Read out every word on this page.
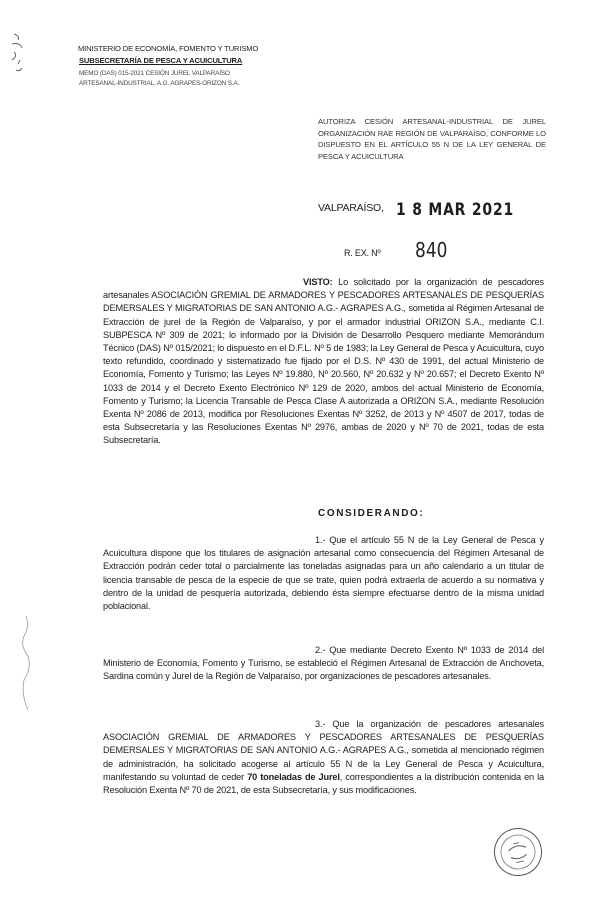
MINISTERIO DE ECONOMÍA, FOMENTO Y TURISMO
SUBSECRETARÍA DE PESCA Y ACUICULTURA
MEMO (DAS) 015-2021 CESIÓN JUREL VALPARAÍSO
ARTESANAL-INDUSTRIAL, A.G. AGRAPES-ORIZON S.A.
AUTORIZA CESIÓN ARTESANAL-INDUSTRIAL DE JUREL ORGANIZACIÓN RAE REGIÓN DE VALPARAÍSO, CONFORME LO DISPUESTO EN EL ARTÍCULO 55 N DE LA LEY GENERAL DE PESCA Y ACUICULTURA
VALPARAÍSO, 1 8 MAR 2021
R. EX. Nº 840
VISTO: Lo solicitado por la organización de pescadores artesanales ASOCIACIÓN GREMIAL DE ARMADORES Y PESCADORES ARTESANALES DE PESQUERÍAS DEMERSALES Y MIGRATORIAS DE SAN ANTONIO A.G.- AGRAPES A.G., sometida al Régimen Artesanal de Extracción de jurel de la Región de Valparaíso, y por el armador industrial ORIZON S.A., mediante C.I. SUBPESCA Nº 309 de 2021; lo informado por la División de Desarrollo Pesquero mediante Memorándum Técnico (DAS) Nº 015/2021; lo dispuesto en el D.F.L. Nº 5 de 1983; la Ley General de Pesca y Acuicultura, cuyo texto refundido, coordinado y sistematizado fue fijado por el D.S. Nº 430 de 1991, del actual Ministerio de Economía, Fomento y Turismo; las Leyes Nº 19.880, Nº 20.560, Nº 20.632 y Nº 20.657; el Decreto Exento Nº 1033 de 2014 y el Decreto Exento Electrónico Nº 129 de 2020, ambos del actual Ministerio de Economía, Fomento y Turismo; la Licencia Transable de Pesca Clase A autorizada a ORIZON S.A., mediante Resolución Exenta Nº 2086 de 2013, modifica por Resoluciones Exentas Nº 3252, de 2013 y Nº 4507 de 2017, todas de esta Subsecretaría y las Resoluciones Exentas Nº 2976, ambas de 2020 y Nº 70 de 2021, todas de esta Subsecretaría.
CONSIDERANDO:
1.- Que el artículo 55 N de la Ley General de Pesca y Acuicultura dispone que los titulares de asignación artesanal como consecuencia del Régimen Artesanal de Extracción podrán ceder total o parcialmente las toneladas asignadas para un año calendario a un titular de licencia transable de pesca de la especie de que se trate, quien podrá extraerla de acuerdo a su normativa y dentro de la unidad de pesquería autorizada, debiendo ésta siempre efectuarse dentro de la misma unidad poblacional.
2.- Que mediante Decreto Exento Nº 1033 de 2014 del Ministerio de Economía, Fomento y Turismo, se estableció el Régimen Artesanal de Extracción de Anchoveta, Sardina común y Jurel de la Región de Valparaíso, por organizaciones de pescadores artesanales.
3.- Que la organización de pescadores artesanales ASOCIACIÓN GREMIAL DE ARMADORES Y PESCADORES ARTESANALES DE PESQUERÍAS DEMERSALES Y MIGRATORIAS DE SAN ANTONIO A.G.- AGRAPES A.G., sometida al mencionado régimen de administración, ha solicitado acogerse al artículo 55 N de la Ley General de Pesca y Acuicultura, manifestando su voluntad de ceder 70 toneladas de Jurel, correspondientes a la distribución contenida en la Resolución Exenta Nº 70 de 2021, de esta Subsecretaría, y sus modificaciones.
